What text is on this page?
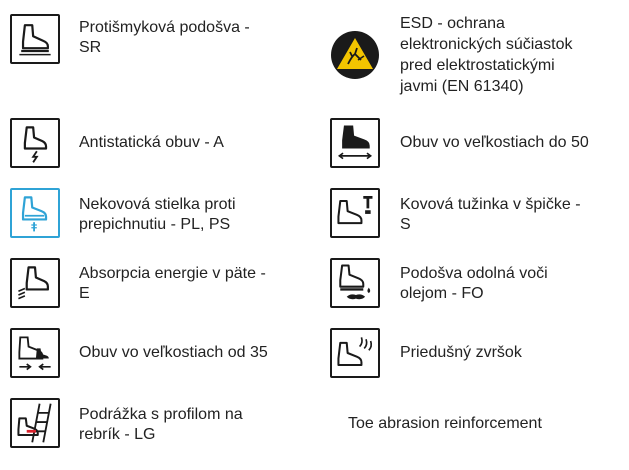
Protišmyková podošva -
SR
Antistatická obuv - A
Nekovová stielka proti
prepichnutiu - PL, PS
Absorpcia energie v päte -
E
Obuv vo veľkostiach od 35
Podrážka s profilom na
rebrík - LG
ESD - ochrana
elektronických súčiastok
pred elektrostatickými
javmi (EN 61340)
Obuv vo veľkostiach do 50
Kovová tužinka v špičke -
S
Podošva odolná voči
olejom - FO
Priedušný zvršok
Toe abrasion reinforcement
